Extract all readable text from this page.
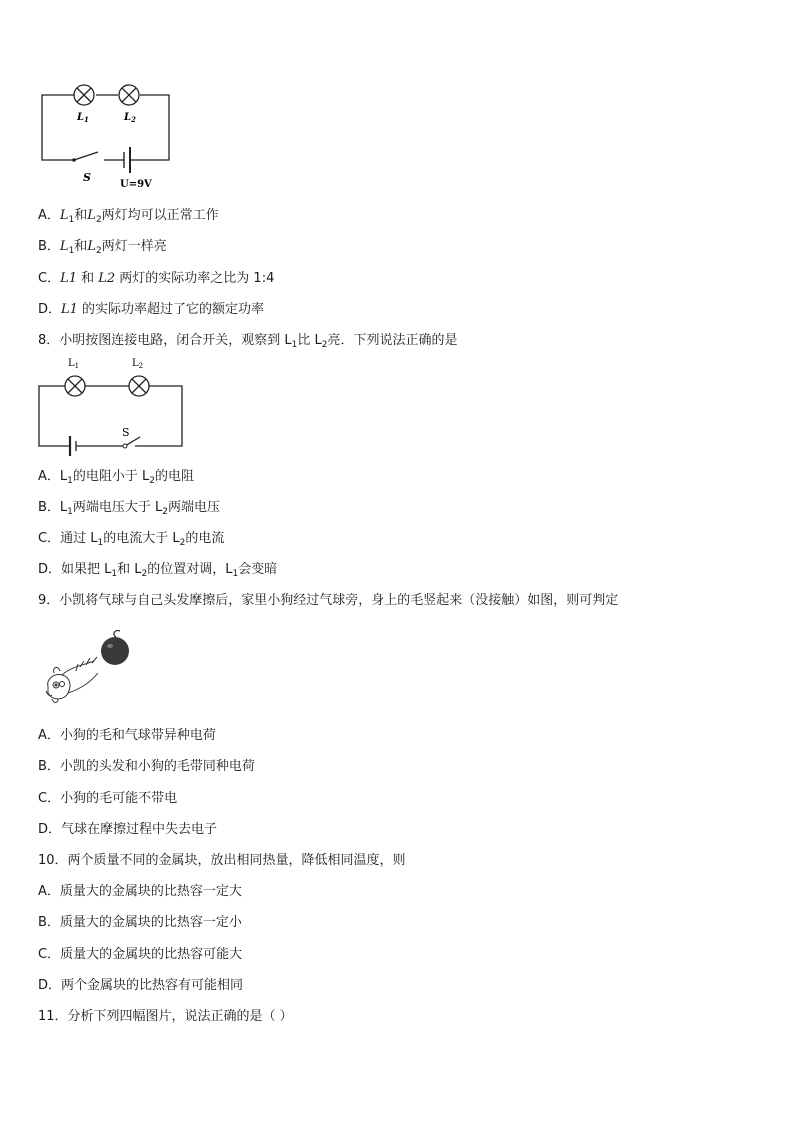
$L_1$	$L_2$
S
U=9V
A．$L_1$和$L_2$两灯均可以正常工作
B．$L_1$和$L_2$两灯一样亮
C．L1 和 L2 两灯的实际功率之比为 1:4
D．L1 的实际功率超过了它的额定功率
8．小明按图连接电路，闭合开关，观察到 $L_1$比 $L_2$亮．下列说法正确的是
$L_1$	$L_2$
S
A．$L_1$的电阻小于 $L_2$的电阻
B．$L_1$两端电压大于 $L_2$两端电压
C．通过 $L_1$的电流大于 $L_2$的电流
D．如果把 $L_1$和 $L_2$的位置对调，$L_1$会变暗
9．小凯将气球与自己头发摩擦后，家里小狗经过气球旁，身上的毛竖起来（没接触）如图，则可判定
A．小狗的毛和气球带异种电荷
B．小凯的头发和小狗的毛带同种电荷
C．小狗的毛可能不带电
D．气球在摩擦过程中失去电子
10．两个质量不同的金属块，放出相同热量，降低相同温度，则
A．质量大的金属块的比热容一定大
B．质量大的金属块的比热容一定小
C．质量大的金属块的比热容可能大
D．两个金属块的比热容有可能相同
11．分析下列四幅图片，说法正确的是（ ）
